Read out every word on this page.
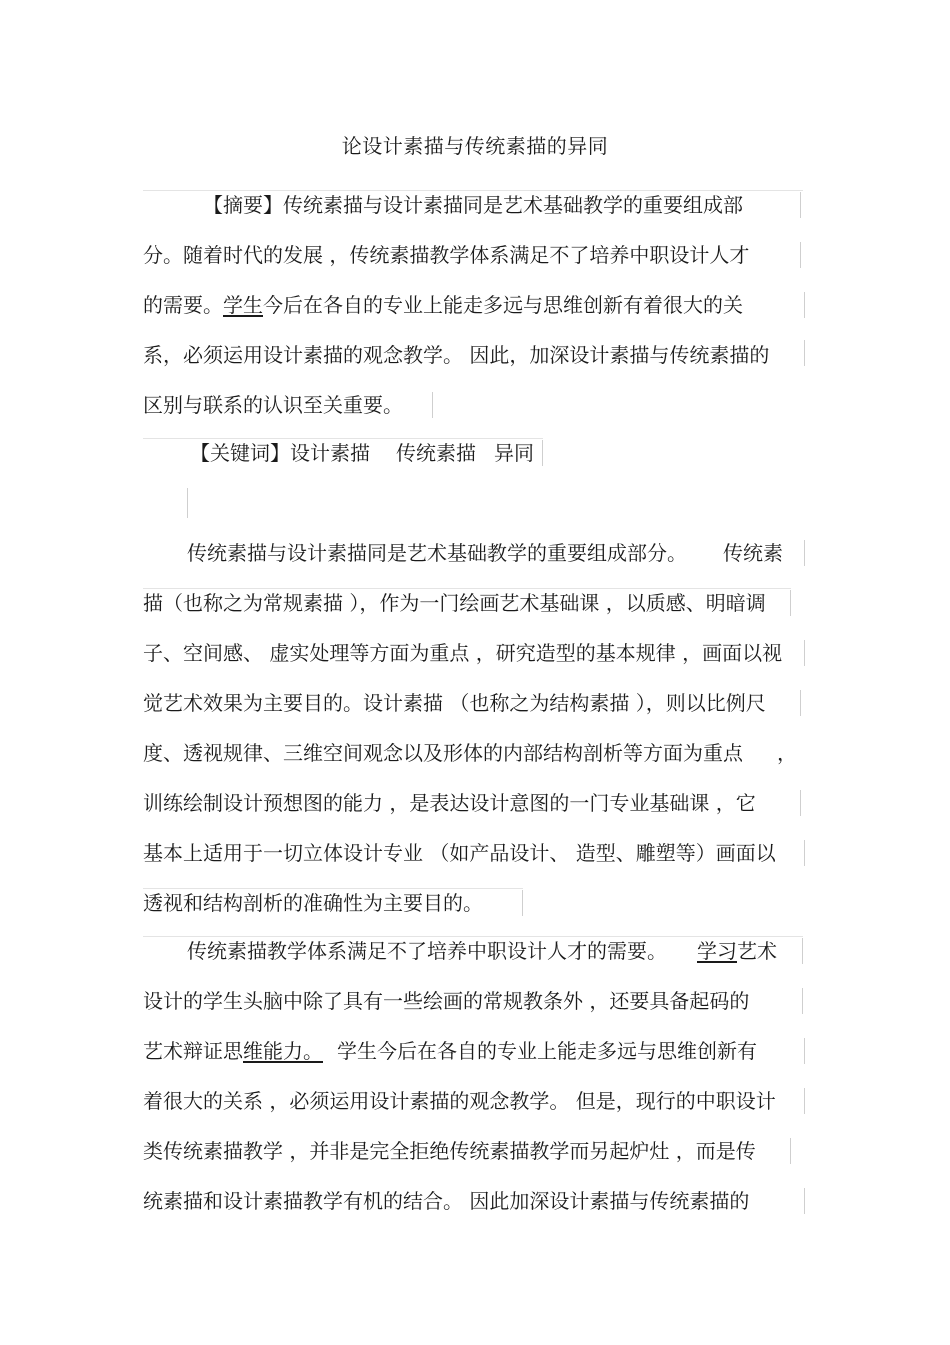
论设计素描与传统素描的异同
【摘要】传统素描与设计素描同是艺术基础教学的重要组成部
分。随着时代的发展 ，传统素描教学体系满足不了培养中职设计人才
的需要。学生今后在各自的专业上能走多远与思维创新有着很大的关
系，必须运用设计素描的观念教学。 因此，加深设计素描与传统素描的
区别与联系的认识至关重要。
【关键词】设计素描 传统素描 异同
传统素描与设计素描同是艺术基础教学的重要组成部分。 传统素
描（也称之为常规素描 ），作为一门绘画艺术基础课 ，以质感、明暗调
子、空间感、 虚实处理等方面为重点 ，研究造型的基本规律 ，画面以视
觉艺术效果为主要目的。设计素描 （也称之为结构素描 ），则以比例尺
度、透视规律、三维空间观念以及形体的内部结构剖析等方面为重点 ，
训练绘制设计预想图的能力 ，是表达设计意图的一门专业基础课 ，它
基本上适用于一切立体设计专业 （如产品设计、 造型、雕塑等）画面以
透视和结构剖析的准确性为主要目的。
传统素描教学体系满足不了培养中职设计人才的需要。 学习艺术
设计的学生头脑中除了具有一些绘画的常规教条外 ，还要具备起码的
艺术辩证思维能力。 学生今后在各自的专业上能走多远与思维创新有
着很大的关系 ，必须运用设计素描的观念教学。 但是，现行的中职设计
类传统素描教学 ，并非是完全拒绝传统素描教学而另起炉灶 ，而是传
统素描和设计素描教学有机的结合。 因此加深设计素描与传统素描的
